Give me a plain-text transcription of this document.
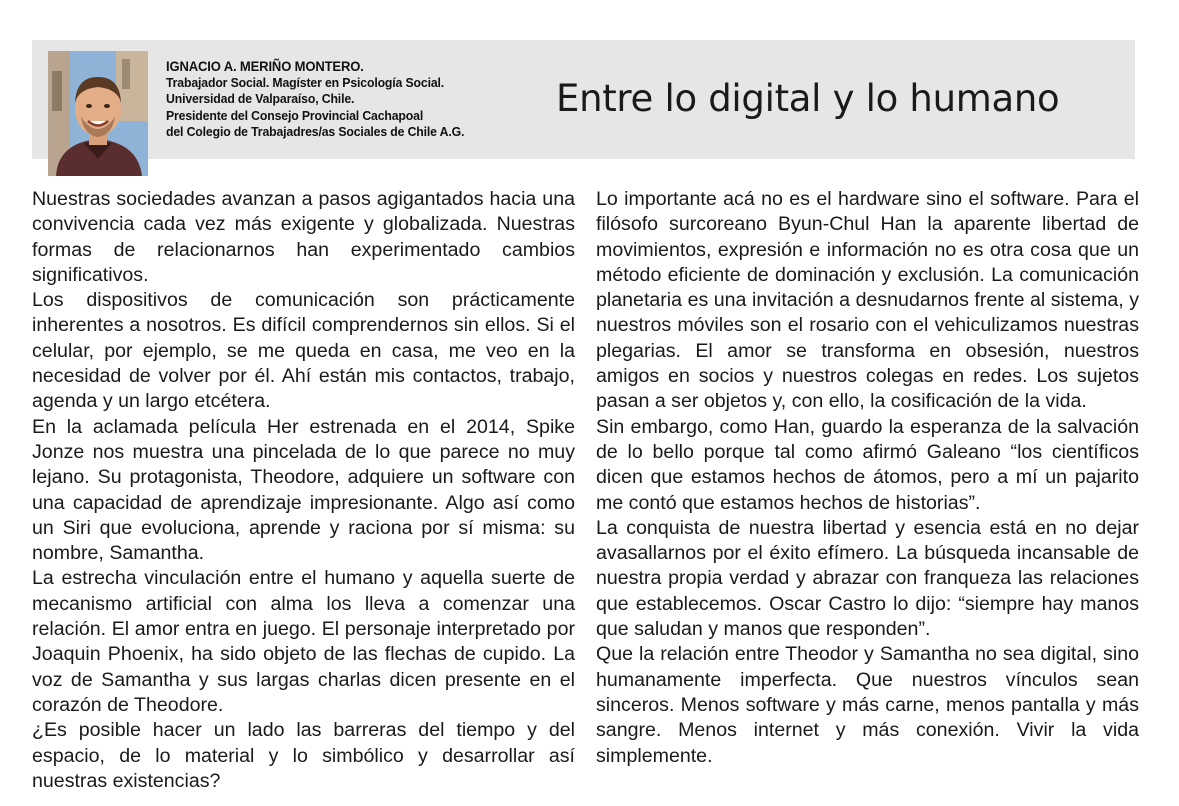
IGNACIO A. MERIÑO MONTERO.
Trabajador Social. Magíster en Psicología Social.
Universidad de Valparaíso, Chile.
Presidente del Consejo Provincial Cachapoal
del Colegio de Trabajadres/as Sociales de Chile A.G.
Entre lo digital y lo humano

Nuestras sociedades avanzan a pasos agigantados hacia una convivencia cada vez más exigente y globalizada. Nuestras formas de relacionarnos han experimentado cambios significativos.

Los dispositivos de comunicación son prácticamente inherentes a nosotros. Es difícil comprendernos sin ellos. Si el celular, por ejemplo, se me queda en casa, me veo en la necesidad de volver por él. Ahí están mis contactos, trabajo, agenda y un largo etcétera.

En la aclamada película Her estrenada en el 2014, Spike Jonze nos muestra una pincelada de lo que parece no muy lejano. Su protagonista, Theodore, adquiere un software con una capacidad de aprendizaje impresionante. Algo así como un Siri que evoluciona, aprende y raciona por sí misma: su nombre, Samantha.

La estrecha vinculación entre el humano y aquella suerte de mecanismo artificial con alma los lleva a comenzar una relación. El amor entra en juego. El personaje interpretado por Joaquin Phoenix, ha sido objeto de las flechas de cupido. La voz de Samantha y sus largas charlas dicen presente en el corazón de Theodore.

¿Es posible hacer un lado las barreras del tiempo y del espacio, de lo material y lo simbólico y desarrollar así nuestras existencias?

Lo importante acá no es el hardware sino el software. Para el filósofo surcoreano Byun-Chul Han la aparente libertad de movimientos, expresión e información no es otra cosa que un método eficiente de dominación y exclusión. La comunicación planetaria es una invitación a desnudarnos frente al sistema, y nuestros móviles son el rosario con el vehiculizamos nuestras plegarias. El amor se transforma en obsesión, nuestros amigos en socios y nuestros colegas en redes. Los sujetos pasan a ser objetos y, con ello, la cosificación de la vida.

Sin embargo, como Han, guardo la esperanza de la salvación de lo bello porque tal como afirmó Galeano “los científicos dicen que estamos hechos de átomos, pero a mí un pajarito me contó que estamos hechos de historias”.

La conquista de nuestra libertad y esencia está en no dejar avasallarnos por el éxito efímero. La búsqueda incansable de nuestra propia verdad y abrazar con franqueza las relaciones que establecemos. Oscar Castro lo dijo: “siempre hay manos que saludan y manos que responden”.

Que la relación entre Theodor y Samantha no sea digital, sino humanamente imperfecta. Que nuestros vínculos sean sinceros. Menos software y más carne, menos pantalla y más sangre. Menos internet y más conexión. Vivir la vida simplemente.
